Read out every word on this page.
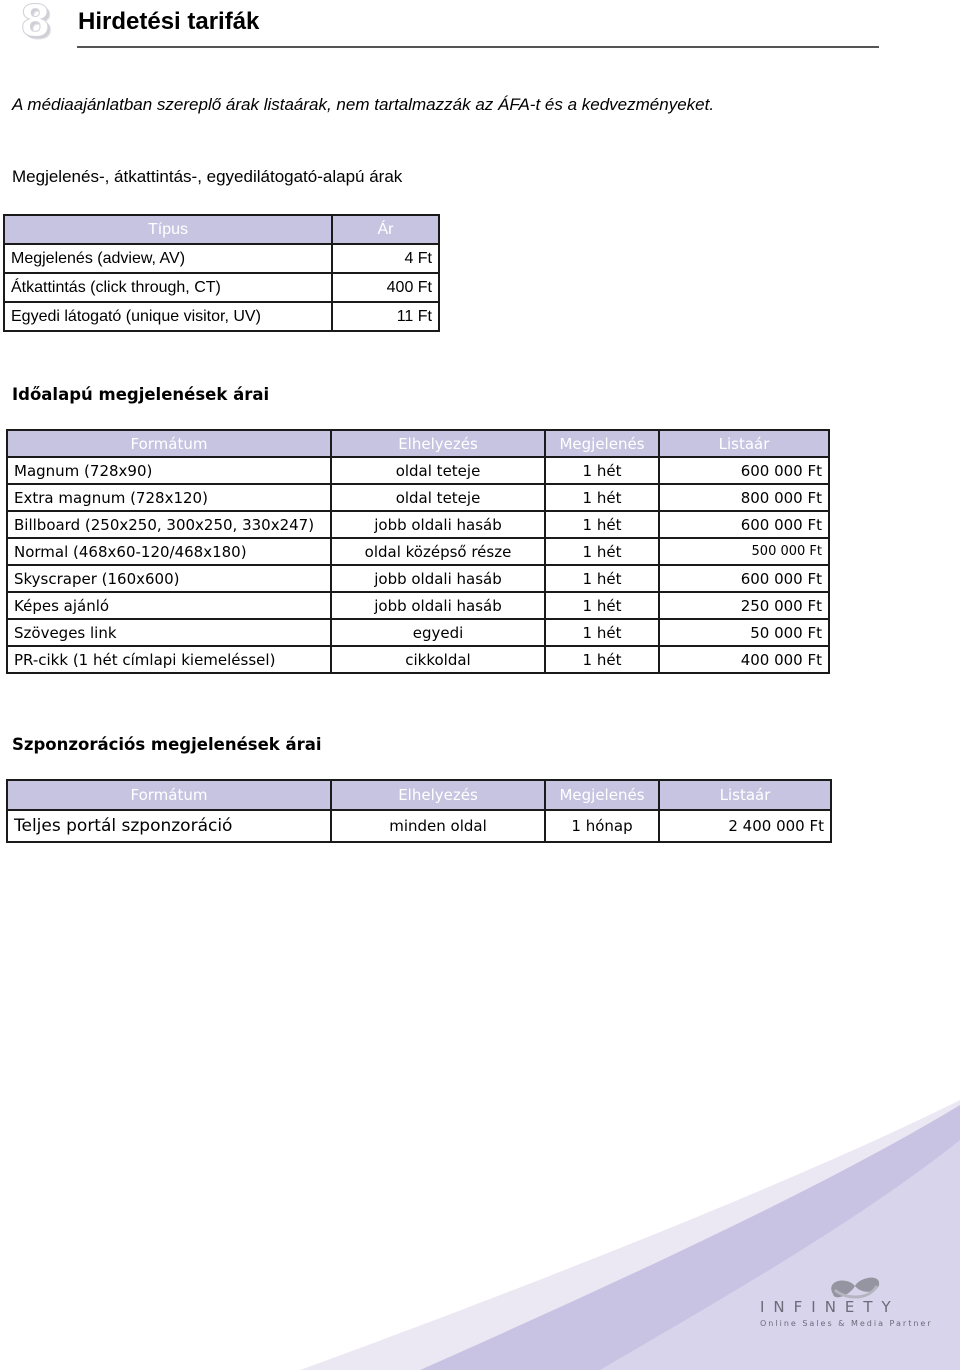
8 Hirdetési tarifák
A médiaajánlatban szereplő árak listaárak, nem tartalmazzák az ÁFA-t és a kedvezményeket.
Megjelenés-, átkattintás-, egyedilátogató-alapú árak
Típus	Ár
Megjelenés (adview, AV)	4 Ft
Átkattintás (click through, CT)	400 Ft
Egyedi látogató (unique visitor, UV)	11 Ft
Időalapú megjelenések árai
Formátum	Elhelyezés	Megjelenés	Listaár
Magnum (728x90)	oldal teteje	1 hét	600 000 Ft
Extra magnum (728x120)	oldal teteje	1 hét	800 000 Ft
Billboard (250x250, 300x250, 330x247)	jobb oldali hasáb	1 hét	600 000 Ft
Normal (468x60-120/468x180)	oldal középső része	1 hét	500 000 Ft
Skyscraper (160x600)	jobb oldali hasáb	1 hét	600 000 Ft
Képes ajánló	jobb oldali hasáb	1 hét	250 000 Ft
Szöveges link	egyedi	1 hét	50 000 Ft
PR-cikk (1 hét címlapi kiemeléssel)	cikkoldal	1 hét	400 000 Ft
Szponzorációs megjelenések árai
Formátum	Elhelyezés	Megjelenés	Listaár
Teljes portál szponzoráció	minden oldal	1 hónap	2 400 000 Ft
INFINETY
Online Sales & Media Partner
